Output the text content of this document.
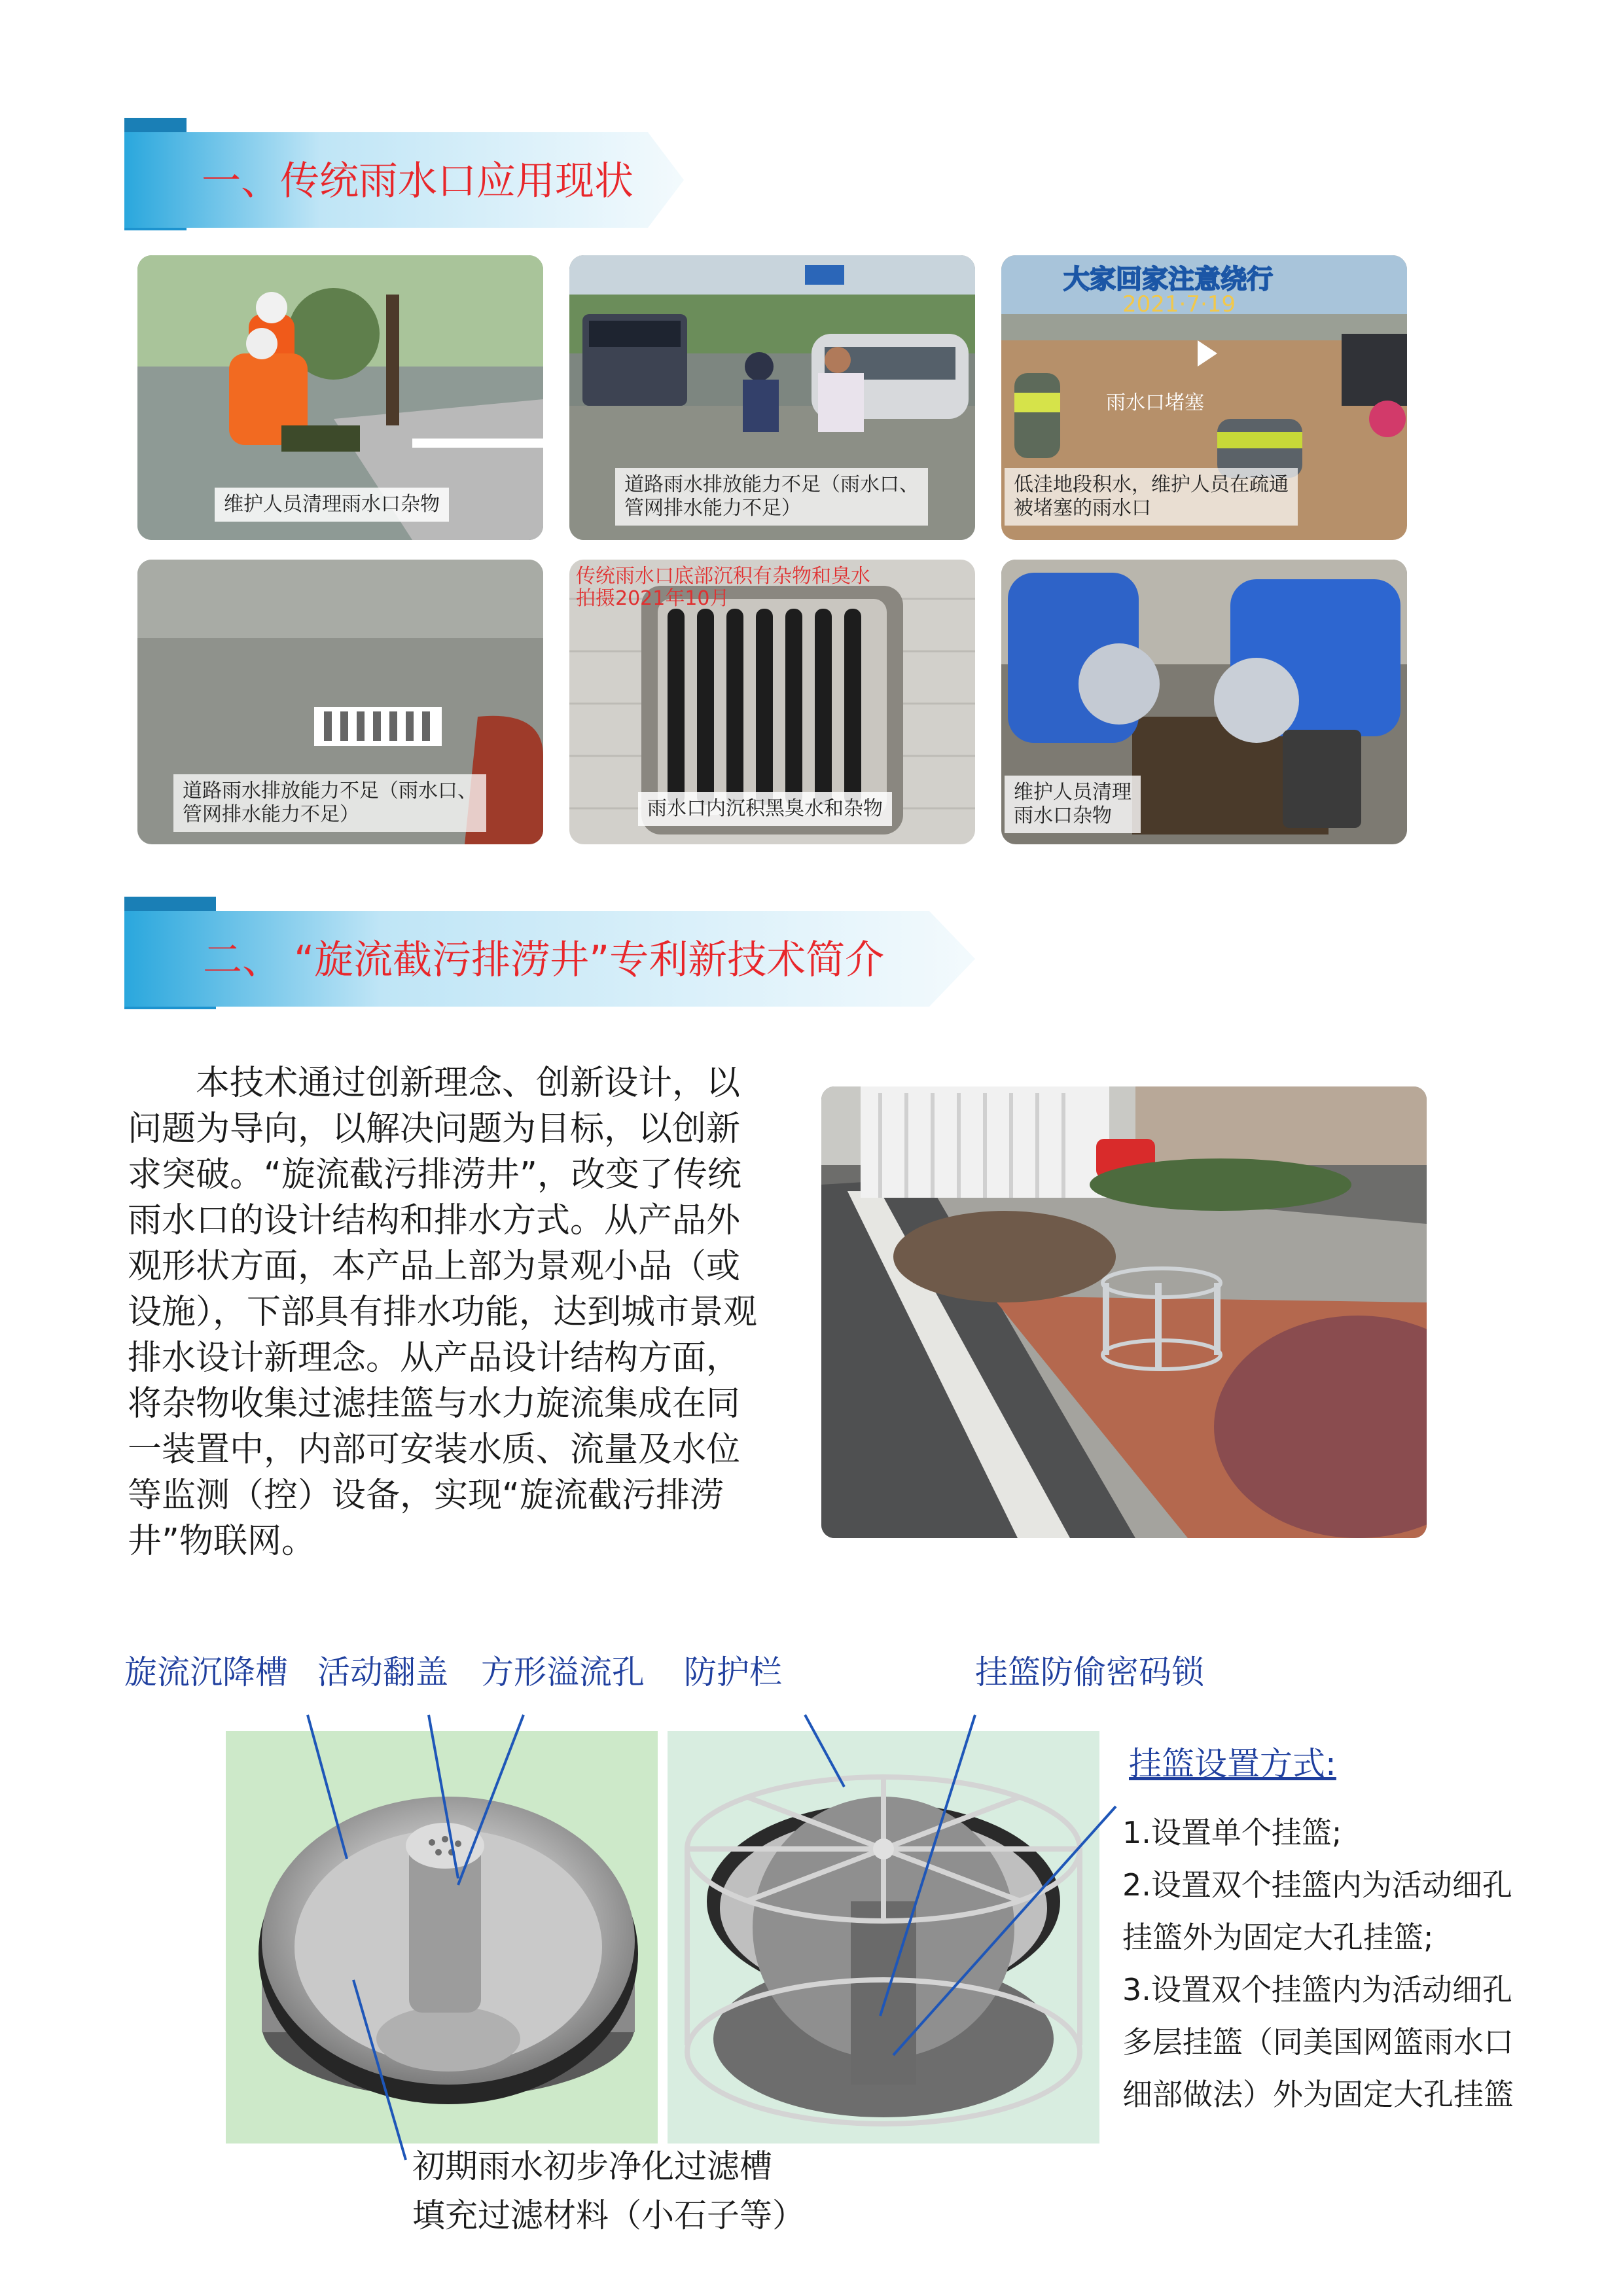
一、传统雨水口应用现状
维护人员清理雨水口杂物
道路雨水排放能力不足（雨水口、
管网排水能力不足）
大家回家注意绕行
2021·7·19
雨水口堵塞
低洼地段积水，维护人员在疏通
被堵塞的雨水口
道路雨水排放能力不足（雨水口、
管网排水能力不足）
传统雨水口底部沉积有杂物和臭水
拍摄2021年10月
雨水口内沉积黑臭水和杂物
维护人员清理
雨水口杂物
二、 “旋流截污排涝井”专利新技术简介

本技术通过创新理念、创新设计，以问题为导向，以解决问题为目标，以创新求突破。“旋流截污排涝井”，改变了传统雨水口的设计结构和排水方式。从产品外观形状方面，本产品上部为景观小品（或设施），下部具有排水功能，达到城市景观排水设计新理念。从产品设计结构方面，将杂物收集过滤挂篮与水力旋流集成在同一装置中，内部可安装水质、流量及水位等监测（控）设备，实现“旋流截污排涝井”物联网。

旋流沉降槽 活动翻盖 方形溢流孔 防护栏	挂篮防偷密码锁
挂篮设置方式:
1.设置单个挂篮;
2.设置双个挂篮内为活动细孔
挂篮外为固定大孔挂篮;
3.设置双个挂篮内为活动细孔
多层挂篮（同美国网篮雨水口
细部做法）外为固定大孔挂篮
初期雨水初步净化过滤槽
填充过滤材料（小石子等）
